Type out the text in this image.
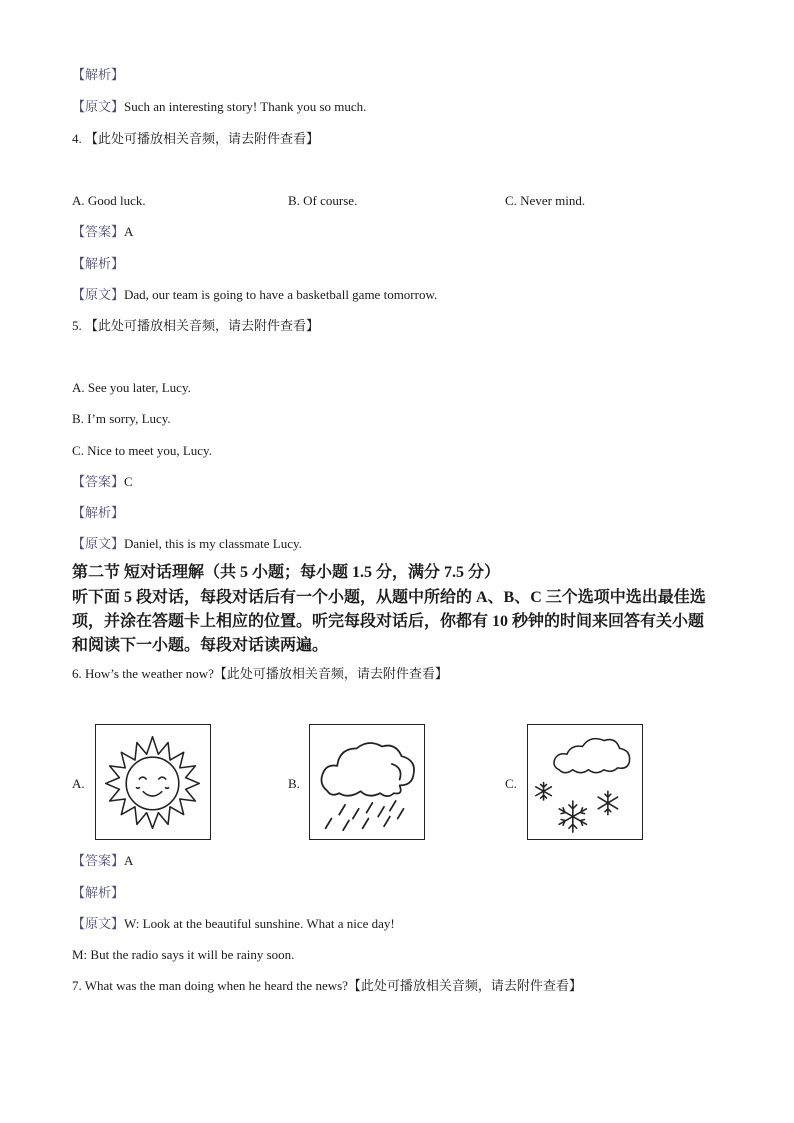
【解析】
【原文】Such an interesting story! Thank you so much.
4. 【此处可播放相关音频，请去附件查看】
A. Good luck.	B. Of course.	C. Never mind.
【答案】A
【解析】
【原文】Dad, our team is going to have a basketball game tomorrow.
5. 【此处可播放相关音频，请去附件查看】
A. See you later, Lucy.
B. I’m sorry, Lucy.
C. Nice to meet you, Lucy.
【答案】C
【解析】
【原文】Daniel, this is my classmate Lucy.
第二节 短对话理解（共 5 小题；每小题 1.5 分，满分 7.5 分）
听下面 5 段对话，每段对话后有一个小题，从题中所给的 A、B、C 三个选项中选出最佳选
项，并涂在答题卡上相应的位置。听完每段对话后，你都有 10 秒钟的时间来回答有关小题
和阅读下一小题。每段对话读两遍。
6. How’s the weather now?【此处可播放相关音频，请去附件查看】
A.	B.	C.
【答案】A
【解析】
【原文】W: Look at the beautiful sunshine. What a nice day!
M: But the radio says it will be rainy soon.
7. What was the man doing when he heard the news?【此处可播放相关音频，请去附件查看】
